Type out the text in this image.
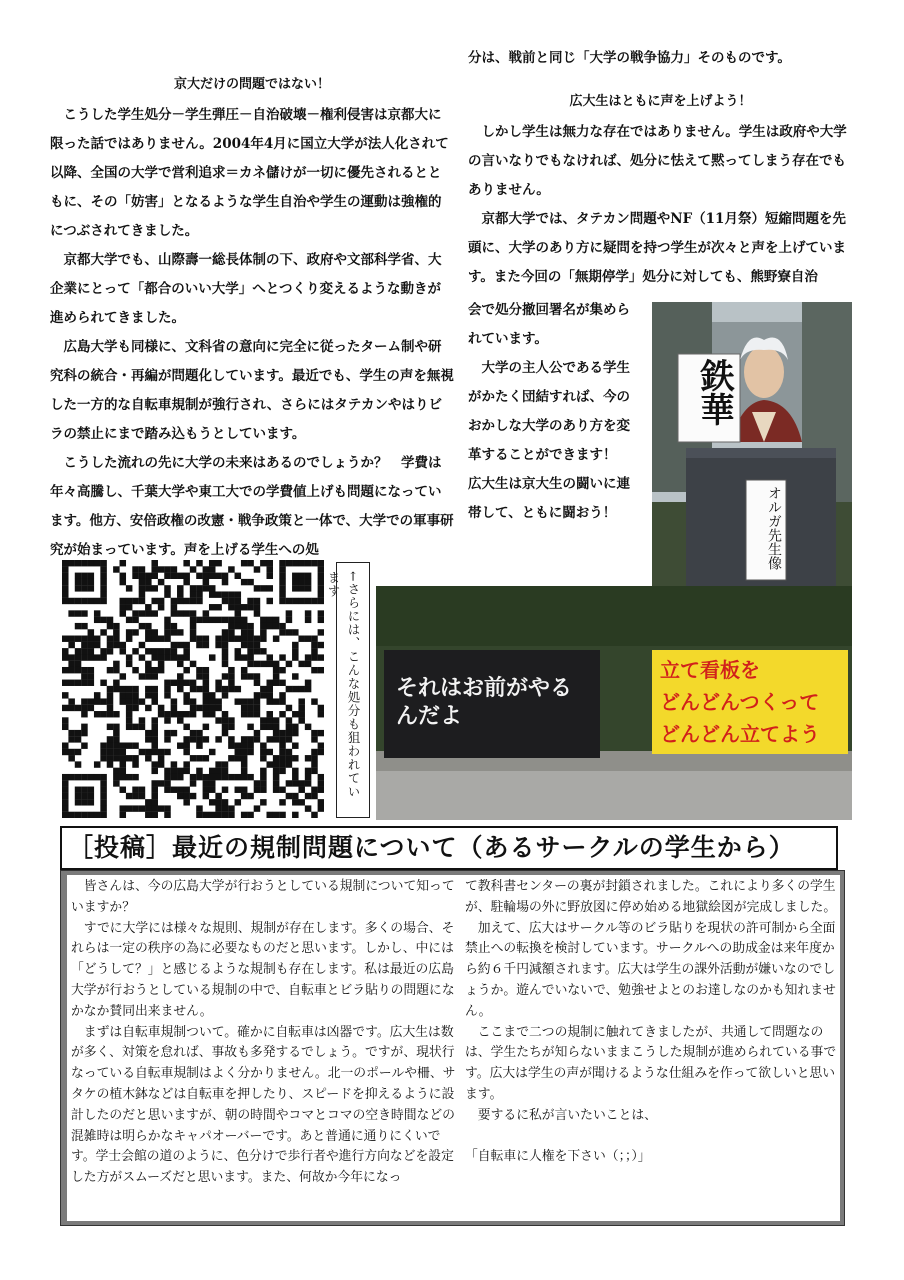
京大だけの問題ではない！

こうした学生処分－学生弾圧－自治破壊－権利侵害は京都大に限った話ではありません。2004年4月に国立大学が法人化されて以降、全国の大学で営利追求＝カネ儲けが一切に優先されるとともに、その「妨害」となるような学生自治や学生の運動は強権的につぶされてきました。

京都大学でも、山際壽一総長体制の下、政府や文部科学省、大企業にとって「都合のいい大学」へとつくり変えるような動きが進められてきました。

広島大学も同様に、文科省の意向に完全に従ったターム制や研究科の統合・再編が問題化しています。最近でも、学生の声を無視した一方的な自転車規制が強行され、さらにはタテカンやはりビラの禁止にまで踏み込もうとしています。

こうした流れの先に大学の未来はあるのでしょうか？　学費は年々高騰し、千葉大学や東工大での学費値上げも問題になっています。他方、安倍政権の改憲・戦争政策と一体で、大学での軍事研究が始まっています。声を上げる学生への処

分は、戦前と同じ「大学の戦争協力」そのものです。
広大生はともに声を上げよう！

しかし学生は無力な存在ではありません。学生は政府や大学の言いなりでもなければ、処分に怯えて黙ってしまう存在でもありません。

京都大学では、タテカン問題やNF（11月祭）短縮問題を先頭に、大学のあり方に疑問を持つ学生が次々と声を上げています。また今回の「無期停学」処分に対しても、熊野寮自治

会で処分撤回署名が集めら
れています。
　大学の主人公である学生
がかたく団結すれば、今の
おかしな大学のあり方を変
革することができます！
広大生は京大生の闘いに連
帯して、ともに闘おう！
鉄華
オルガ先生像
それはお前がやるんだよ
立て看板を
どんどんつくって
どんどん立てよう
←さらには、こんな処分も狙われています
［投稿］最近の規制問題について（あるサークルの学生から）

皆さんは、今の広島大学が行おうとしている規制について知っていますか？

すでに大学には様々な規則、規制が存在します。多くの場合、それらは一定の秩序の為に必要なものだと思います。しかし、中には「どうして？」と感じるような規制も存在します。私は最近の広島大学が行おうとしている規制の中で、自転車とビラ貼りの問題になかなか賛同出来ません。

まずは自転車規制ついて。確かに自転車は凶器です。広大生は数が多く、対策を怠れば、事故も多発するでしょう。ですが、現状行なっている自転車規制はよく分かりません。北一のポールや柵、サタケの植木鉢などは自転車を押したり、スピードを抑えるように設計したのだと思いますが、朝の時間やコマとコマの空き時間などの混雑時は明らかなキャパオーバーです。あと普通に通りにくいです。学士会館の道のように、色分けで歩行者や進行方向などを設定した方がスムーズだと思います。また、何故か今年になっ

て教科書センターの裏が封鎖されました。これにより多くの学生が、駐輪場の外に野放図に停め始める地獄絵図が完成しました。

加えて、広大はサークル等のビラ貼りを現状の許可制から全面禁止への転換を検討しています。サークルへの助成金は来年度から約６千円減額されます。広大は学生の課外活動が嫌いなのでしょうか。遊んでいないで、勉強せよとのお達しなのかも知れません。

ここまで二つの規制に触れてきましたが、共通して問題なのは、学生たちが知らないままこうした規制が進められている事です。広大は学生の声が聞けるような仕組みを作って欲しいと思います。

要するに私が言いたいことは、

「自転車に人権を下さい（；；）」
